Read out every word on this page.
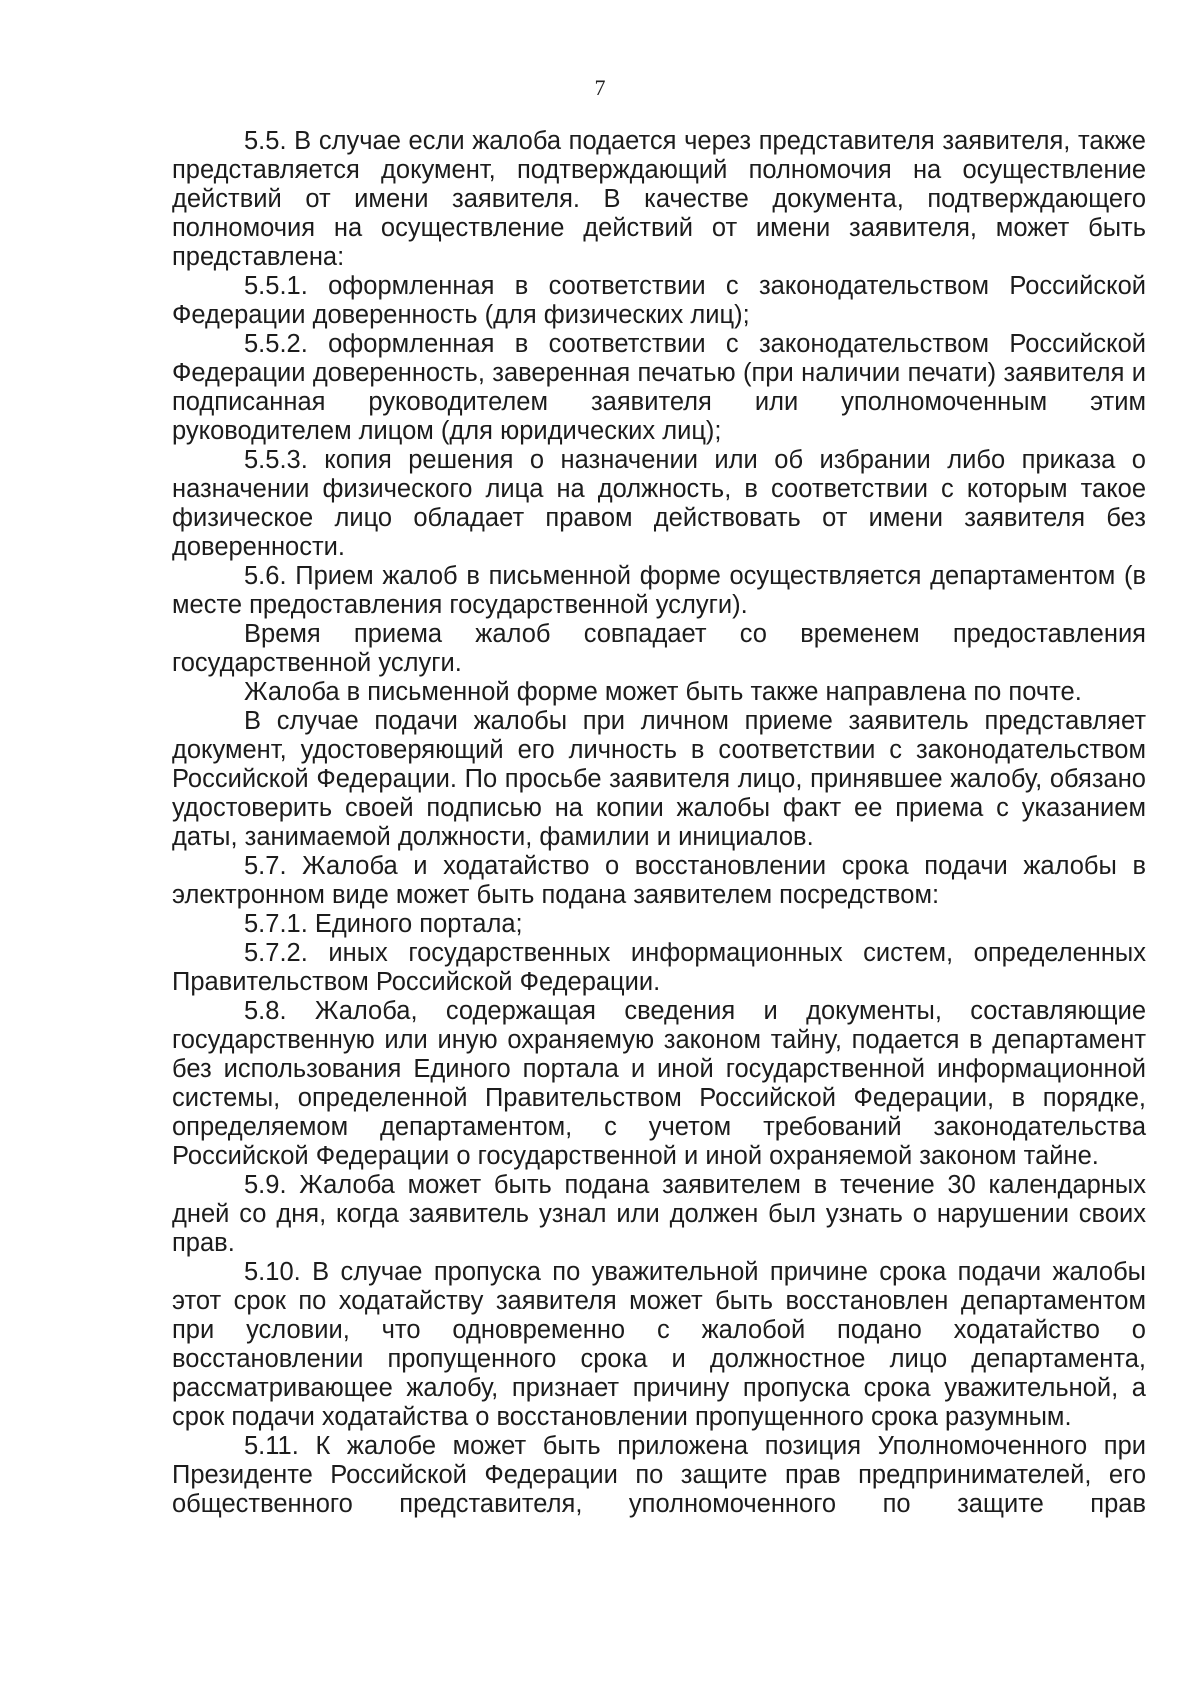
7

5.5. В случае если жалоба подается через представителя заявителя, также представляется документ, подтверждающий полномочия на осуществление действий от имени заявителя. В качестве документа, подтверждающего полномочия на осуществление действий от имени заявителя, может быть представлена:

5.5.1. оформленная в соответствии с законодательством Российской Федерации доверенность (для физических лиц);

5.5.2. оформленная в соответствии с законодательством Российской Федерации доверенность, заверенная печатью (при наличии печати) заявителя и подписанная руководителем заявителя или уполномоченным этим руководителем лицом (для юридических лиц);

5.5.3. копия решения о назначении или об избрании либо приказа о назначении физического лица на должность, в соответствии с которым такое физическое лицо обладает правом действовать от имени заявителя без доверенности.

5.6. Прием жалоб в письменной форме осуществляется департаментом (в месте предоставления государственной услуги).

Время приема жалоб совпадает со временем предоставления государственной услуги.

Жалоба в письменной форме может быть также направлена по почте.

В случае подачи жалобы при личном приеме заявитель представляет документ, удостоверяющий его личность в соответствии с законодательством Российской Федерации. По просьбе заявителя лицо, принявшее жалобу, обязано удостоверить своей подписью на копии жалобы факт ее приема с указанием даты, занимаемой должности, фамилии и инициалов.

5.7. Жалоба и ходатайство о восстановлении срока подачи жалобы в электронном виде может быть подана заявителем посредством:

5.7.1. Единого портала;

5.7.2. иных государственных информационных систем, определенных Правительством Российской Федерации.

5.8. Жалоба, содержащая сведения и документы, составляющие государственную или иную охраняемую законом тайну, подается в департамент без использования Единого портала и иной государственной информационной системы, определенной Правительством Российской Федерации, в порядке, определяемом департаментом, с учетом требований законодательства Российской Федерации о государственной и иной охраняемой законом тайне.

5.9. Жалоба может быть подана заявителем в течение 30 календарных дней со дня, когда заявитель узнал или должен был узнать о нарушении своих прав.

5.10. В случае пропуска по уважительной причине срока подачи жалобы этот срок по ходатайству заявителя может быть восстановлен департаментом при условии, что одновременно с жалобой подано ходатайство о восстановлении пропущенного срока и должностное лицо департамента, рассматривающее жалобу, признает причину пропуска срока уважительной, а срок подачи ходатайства о восстановлении пропущенного срока разумным.

5.11. К жалобе может быть приложена позиция Уполномоченного при Президенте Российской Федерации по защите прав предпринимателей, его общественного представителя, уполномоченного по защите прав
